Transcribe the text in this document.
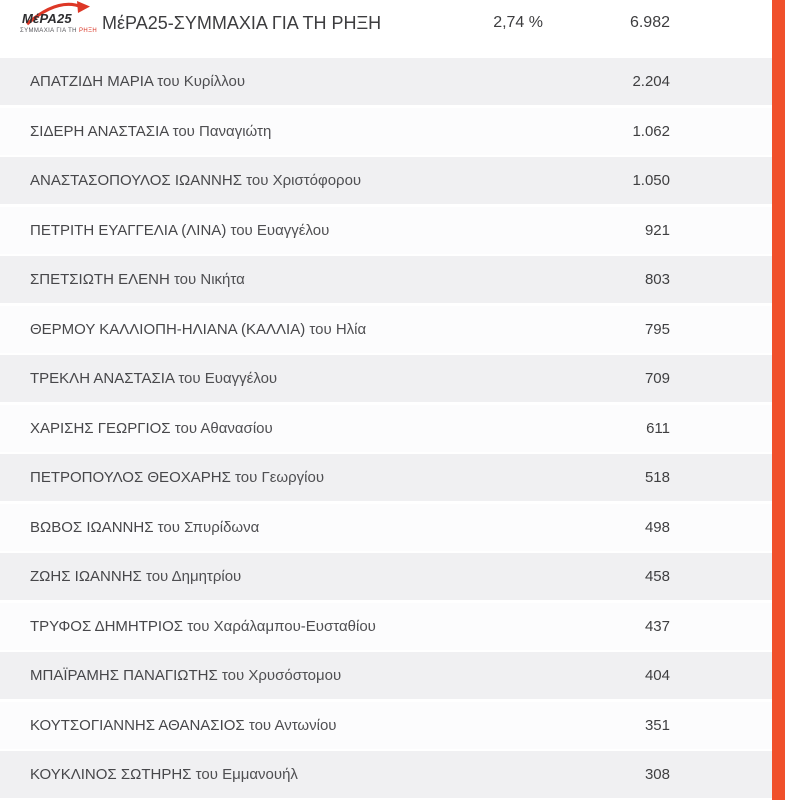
ΜέΡΑ25
ΣΥΜΜΑΧΙΑ ΓΙΑ ΤΗ ΡΗΞΗ ΜέΡΑ25-ΣΥΜΜΑΧΙΑ ΓΙΑ ΤΗ ΡΗΞΗ	2,74 %	6.982
ΑΠΑΤΖΙΔΗ ΜΑΡΙΑ του Κυρίλλου	2.204
ΣΙΔΕΡΗ ΑΝΑΣΤΑΣΙΑ του Παναγιώτη	1.062
ΑΝΑΣΤΑΣΟΠΟΥΛΟΣ ΙΩΑΝΝΗΣ του Χριστόφορου	1.050
ΠΕΤΡΙΤΗ ΕΥΑΓΓΕΛΙΑ (ΛΙΝΑ) του Ευαγγέλου	921
ΣΠΕΤΣΙΩΤΗ ΕΛΕΝΗ του Νικήτα	803
ΘΕΡΜΟΥ ΚΑΛΛΙΟΠΗ-ΗΛΙΑΝΑ (ΚΑΛΛΙΑ) του Ηλία	795
ΤΡΕΚΛΗ ΑΝΑΣΤΑΣΙΑ του Ευαγγέλου	709
ΧΑΡΙΣΗΣ ΓΕΩΡΓΙΟΣ του Αθανασίου	611
ΠΕΤΡΟΠΟΥΛΟΣ ΘΕΟΧΑΡΗΣ του Γεωργίου	518
ΒΩΒΟΣ ΙΩΑΝΝΗΣ του Σπυρίδωνα	498
ΖΩΗΣ ΙΩΑΝΝΗΣ του Δημητρίου	458
ΤΡΥΦΟΣ ΔΗΜΗΤΡΙΟΣ του Χαράλαμπου-Ευσταθίου	437
ΜΠΑΪΡΑΜΗΣ ΠΑΝΑΓΙΩΤΗΣ του Χρυσόστομου	404
ΚΟΥΤΣΟΓΙΑΝΝΗΣ ΑΘΑΝΑΣΙΟΣ του Αντωνίου	351
ΚΟΥΚΛΙΝΟΣ ΣΩΤΗΡΗΣ του Εμμανουήλ	308
